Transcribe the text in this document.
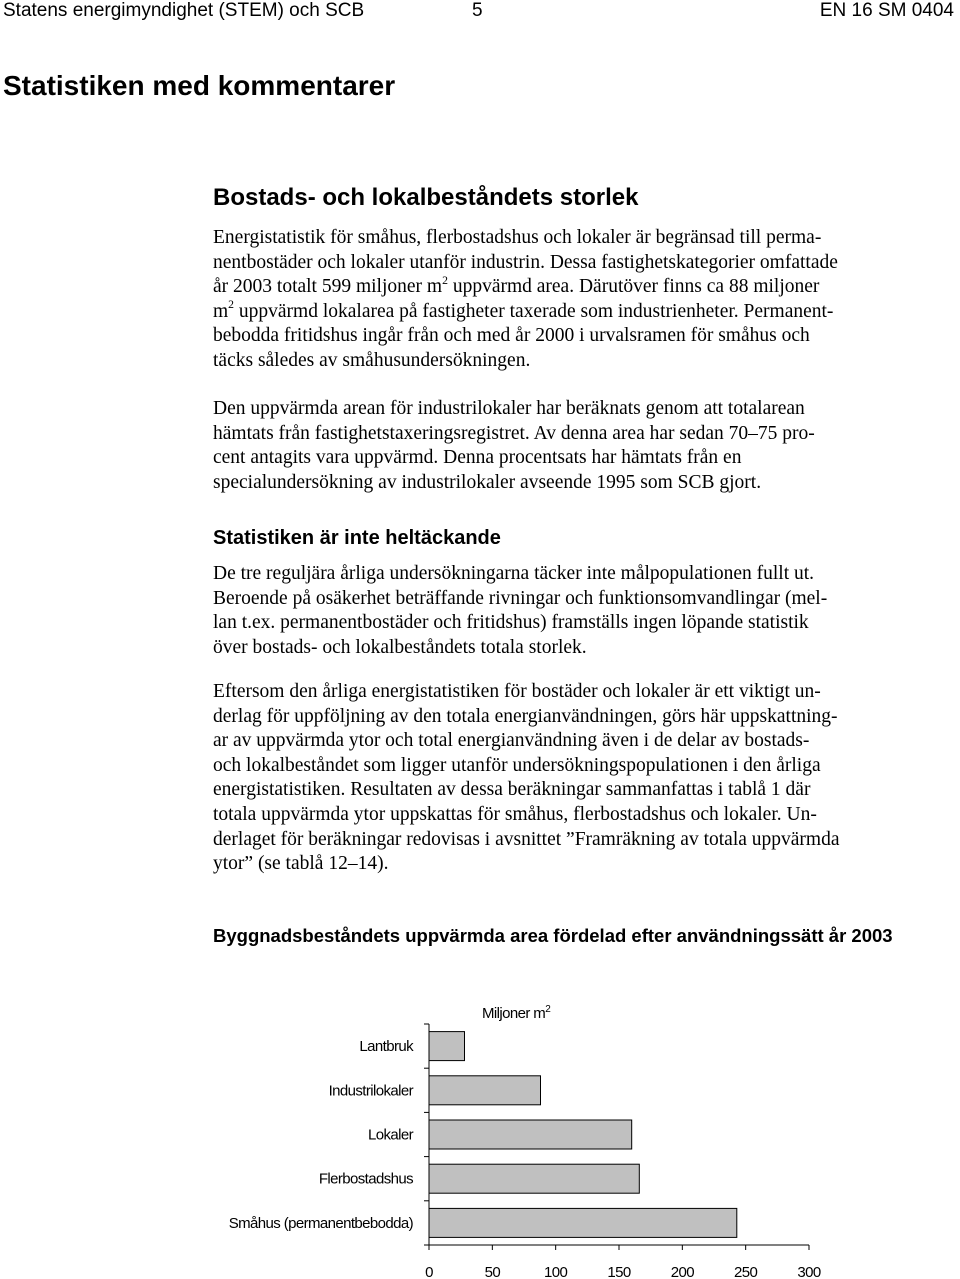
Statens energimyndighet (STEM) och SCB	5	EN 16 SM 0404
Statistiken med kommentarer
Bostads- och lokalbeståndets storlek
Energistatistik för småhus, flerbostadshus och lokaler är begränsad till perma-
nentbostäder och lokaler utanför industrin. Dessa fastighetskategorier omfattade
år 2003 totalt 599 miljoner $m^2$ uppvärmd area. Därutöver finns ca 88 miljoner
$m^2$ uppvärmd lokalarea på fastigheter taxerade som industrienheter. Permanent-
bebodda fritidshus ingår från och med år 2000 i urvalsramen för småhus och
täcks således av småhusundersökningen.
Den uppvärmda arean för industrilokaler har beräknats genom att totalarean
hämtats från fastighetstaxeringsregistret. Av denna area har sedan 70–75 pro-
cent antagits vara uppvärmd. Denna procentsats har hämtats från en
specialundersökning av industrilokaler avseende 1995 som SCB gjort.
Statistiken är inte heltäckande
De tre reguljära årliga undersökningarna täcker inte målpopulationen fullt ut.
Beroende på osäkerhet beträffande rivningar och funktionsomvandlingar (mel-
lan t.ex. permanentbostäder och fritidshus) framställs ingen löpande statistik
över bostads- och lokalbeståndets totala storlek.
Eftersom den årliga energistatistiken för bostäder och lokaler är ett viktigt un-
derlag för uppföljning av den totala energianvändningen, görs här uppskattning-
ar av uppvärmda ytor och total energianvändning även i de delar av bostads-
och lokalbeståndet som ligger utanför undersökningspopulationen i den årliga
energistatistiken. Resultaten av dessa beräkningar sammanfattas i tablå 1 där
totala uppvärmda ytor uppskattas för småhus, flerbostadshus och lokaler. Un-
derlaget för beräkningar redovisas i avsnittet ”Framräkning av totala uppvärmda
ytor” (se tablå 12–14).
Byggnadsbeståndets uppvärmda area fördelad efter användningssätt år 2003
Miljoner $m^2$
Lantbruk
Industrilokaler
Lokaler
Flerbostadshus
Småhus (permanentbebodda)
0	50	100	150	200	250	300
